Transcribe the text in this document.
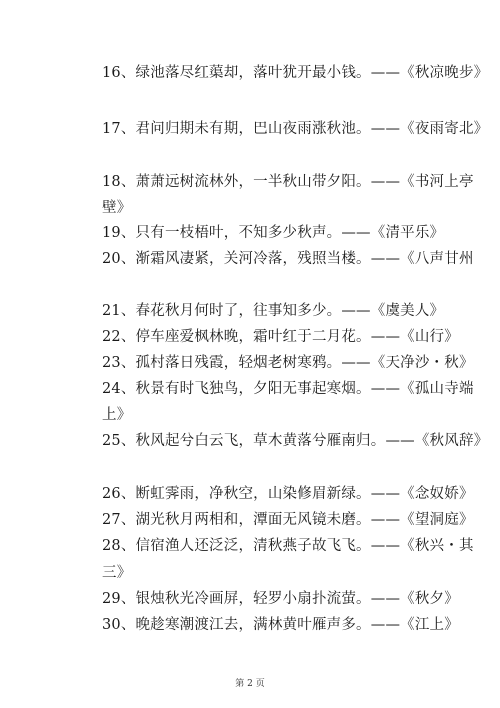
16、绿池落尽红蕖却，落叶犹开最小钱。——《秋凉晚步》
17、君问归期未有期，巴山夜雨涨秋池。——《夜雨寄北》
18、萧萧远树流林外，一半秋山带夕阳。——《书河上亭
壁》
19、只有一枝梧叶，不知多少秋声。——《清平乐》
20、渐霜风凄紧，关河冷落，残照当楼。——《八声甘州
21、春花秋月何时了，往事知多少。——《虞美人》
22、停车座爱枫林晚，霜叶红于二月花。——《山行》
23、孤村落日残霞，轻烟老树寒鸦。——《天净沙・秋》
24、秋景有时飞独鸟，夕阳无事起寒烟。——《孤山寺端
上》
25、秋风起兮白云飞，草木黄落兮雁南归。——《秋风辞》
26、断虹霁雨，净秋空，山染修眉新绿。——《念奴娇》
27、湖光秋月两相和，潭面无风镜未磨。——《望洞庭》
28、信宿渔人还泛泛，清秋燕子故飞飞。——《秋兴・其
三》
29、银烛秋光冷画屏，轻罗小扇扑流萤。——《秋夕》
30、晚趁寒潮渡江去，满林黄叶雁声多。——《江上》
第 2 页
